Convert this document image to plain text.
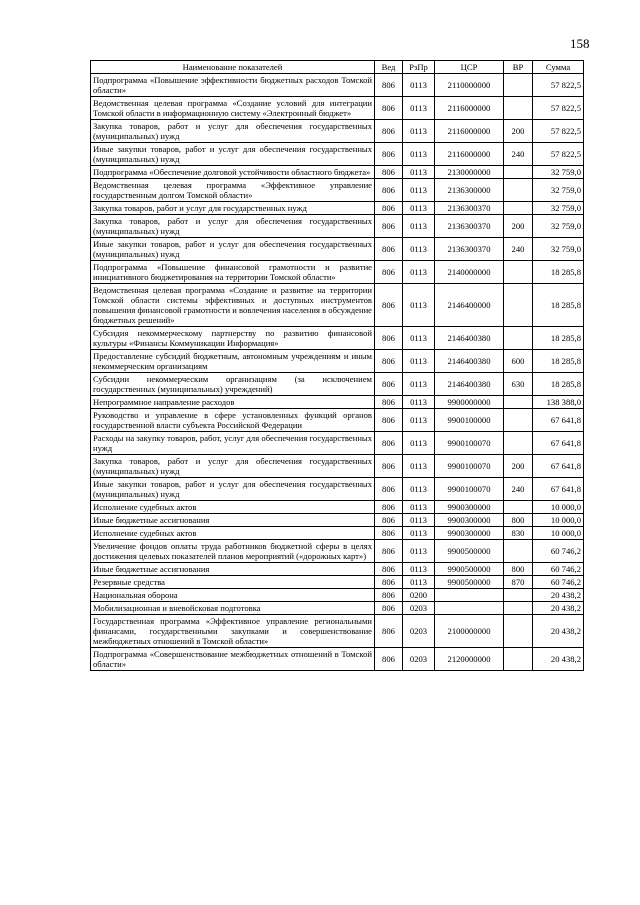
158
Наименование показателей	Вед	РзПр	ЦСР	ВР	Сумма
Подпрограмма «Повышение эффективности бюджетных расходов Томской области»	806	0113	2110000000		57 822,5
Ведомственная целевая программа «Создание условий для интеграции Томской области в информационную систему «Электронный бюджет»	806	0113	2116000000		57 822,5
Закупка товаров, работ и услуг для обеспечения государственных (муниципальных) нужд	806	0113	2116000000	200	57 822,5
Иные закупки товаров, работ и услуг для обеспечения государственных (муниципальных) нужд	806	0113	2116000000	240	57 822,5
Подпрограмма «Обеспечение долговой устойчивости областного бюджета»	806	0113	2130000000		32 759,0
Ведомственная целевая программа «Эффективное управление государственным долгом Томской области»	806	0113	2136300000		32 759,0
Закупка товаров, работ и услуг для государственных нужд	806	0113	2136300370		32 759,0
Закупка товаров, работ и услуг для обеспечения государственных (муниципальных) нужд	806	0113	2136300370	200	32 759,0
Иные закупки товаров, работ и услуг для обеспечения государственных (муниципальных) нужд	806	0113	2136300370	240	32 759,0
Подпрограмма «Повышение финансовой грамотности и развитие инициативного бюджетирования на территории Томской области»	806	0113	2140000000		18 285,8
Ведомственная целевая программа «Создание и развитие на территории Томской области системы эффективных и доступных инструментов повышения финансовой грамотности и вовлечения населения в обсуждение бюджетных решений»	806	0113	2146400000		18 285,8
Субсидия некоммерческому партнерству по развитию финансовой культуры «Финансы Коммуникации Информация»	806	0113	2146400380		18 285,8
Предоставление субсидий бюджетным, автономным учреждениям и иным некоммерческим организациям	806	0113	2146400380	600	18 285,8
Субсидии некоммерческим организациям (за исключением государственных (муниципальных) учреждений)	806	0113	2146400380	630	18 285,8
Непрограммное направление расходов	806	0113	9900000000		138 388,0
Руководство и управление в сфере установленных функций органов государственной власти субъекта Российской Федерации	806	0113	9900100000		67 641,8
Расходы на закупку товаров, работ, услуг для обеспечения государственных нужд	806	0113	9900100070		67 641,8
Закупка товаров, работ и услуг для обеспечения государственных (муниципальных) нужд	806	0113	9900100070	200	67 641,8
Иные закупки товаров, работ и услуг для обеспечения государственных (муниципальных) нужд	806	0113	9900100070	240	67 641,8
Исполнение судебных актов	806	0113	9900300000		10 000,0
Иные бюджетные ассигнования	806	0113	9900300000	800	10 000,0
Исполнение судебных актов	806	0113	9900300000	830	10 000,0
Увеличение фондов оплаты труда работников бюджетной сферы в целях достижения целевых показателей планов мероприятий («дорожных карт»)	806	0113	9900500000		60 746,2
Иные бюджетные ассигнования	806	0113	9900500000	800	60 746,2
Резервные средства	806	0113	9900500000	870	60 746,2
Национальная оборона	806	0200			20 438,2
Мобилизационная и вневойсковая подготовка	806	0203			20 438,2
Государственная программа «Эффективное управление региональными финансами, государственными закупками и совершенствование межбюджетных отношений в Томской области»	806	0203	2100000000		20 438,2
Подпрограмма «Совершенствование межбюджетных отношений в Томской области»	806	0203	2120000000		20 438,2
